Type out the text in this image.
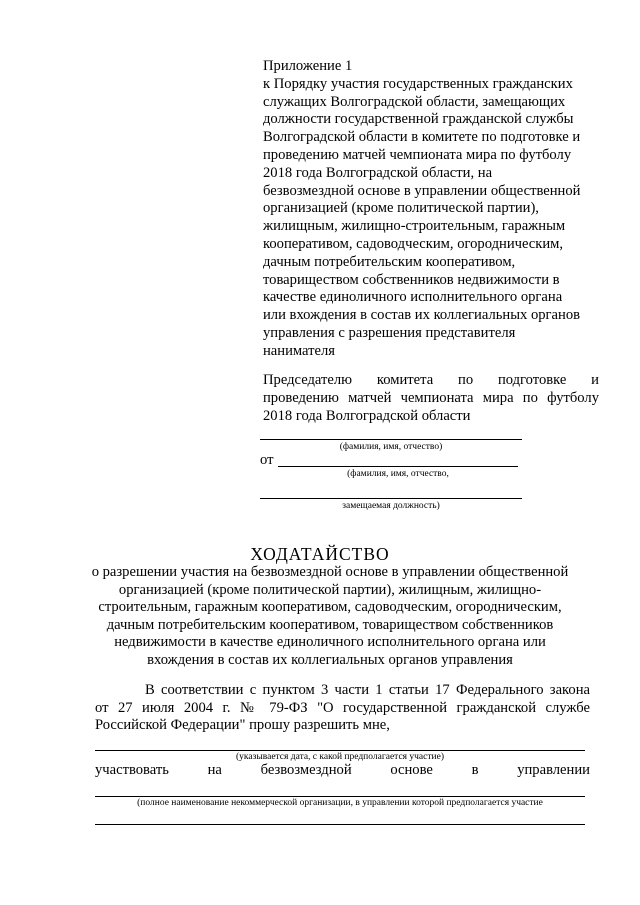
Приложение 1
к Порядку участия государственных гражданских
служащих Волгоградской области, замещающих
должности государственной гражданской службы
Волгоградской области в комитете по подготовке и
проведению матчей чемпионата мира по футболу
2018 года Волгоградской области, на
безвозмездной основе в управлении общественной
организацией (кроме политической партии),
жилищным, жилищно-строительным, гаражным
кооперативом, садоводческим, огородническим,
дачным потребительским кооперативом,
товариществом собственников недвижимости в
качестве единоличного исполнительного органа
или вхождения в состав их коллегиальных органов
управления с разрешения представителя
нанимателя
Председателю комитета по подготовке и
проведению матчей чемпионата мира по футболу
2018 года Волгоградской области
(фамилия, имя, отчество)
от
(фамилия, имя, отчество,
замещаемая должность)
ХОДАТАЙСТВО
о разрешении участия на безвозмездной основе в управлении общественной
организацией (кроме политической партии), жилищным, жилищно-
строительным, гаражным кооперативом, садоводческим, огородническим,
дачным потребительским кооперативом, товариществом собственников
недвижимости в качестве единоличного исполнительного органа или
вхождения в состав их коллегиальных органов управления
В соответствии с пунктом 3 части 1 статьи 17 Федерального закона
от 27 июля 2004 г. № 79-ФЗ "О государственной гражданской службе
Российской Федерации" прошу разрешить мне,
(указывается дата, с какой предполагается участие)
участвовать	на	безвозмездной	основе	в	управлении
(полное наименование некоммерческой организации, в управлении которой предполагается участие
